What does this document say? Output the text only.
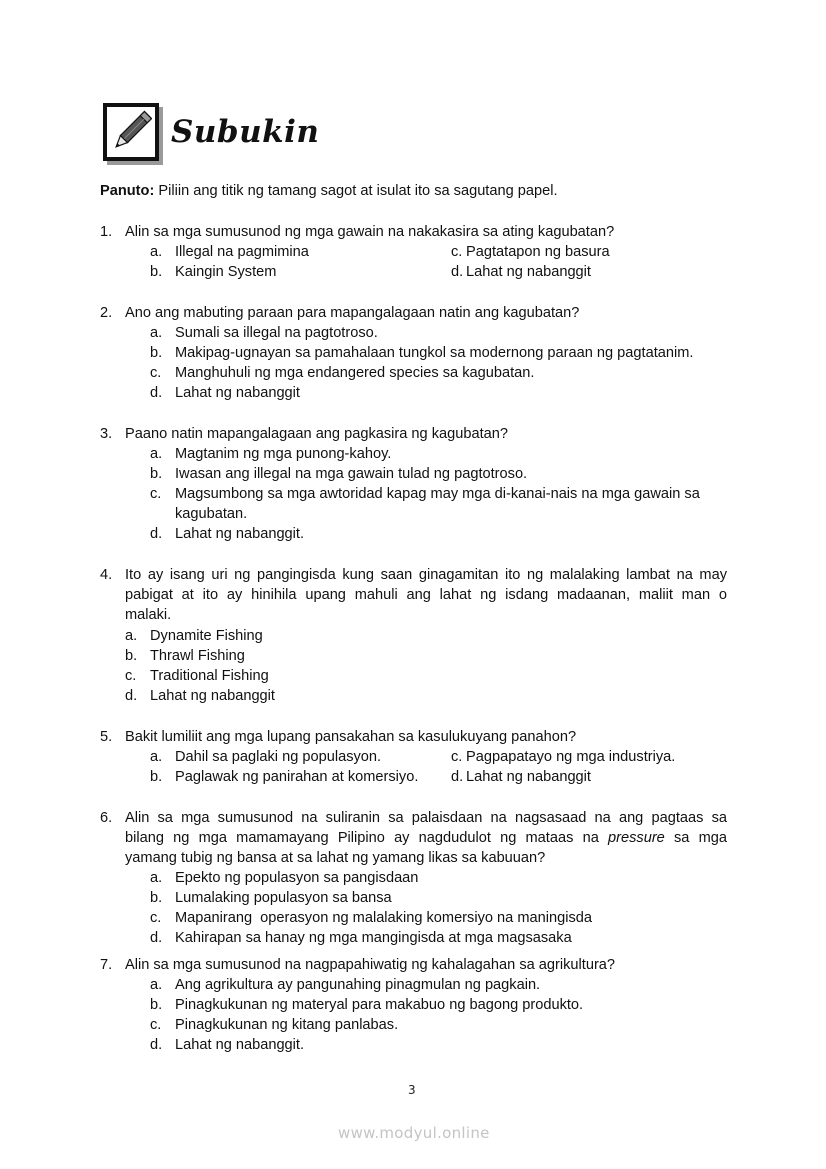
Subukin
Panuto: Piliin ang titik ng tamang sagot at isulat ito sa sagutang papel.
1. Alin sa mga sumusunod ng mga gawain na nakakasira sa ating kagubatan?
a. Illegal na pagmimina
b. Kaingin System
c. Pagtatapon ng basura
d. Lahat ng nabanggit
2. Ano ang mabuting paraan para mapangalagaan natin ang kagubatan?
a. Sumali sa illegal na pagtotroso.
b. Makipag-ugnayan sa pamahalaan tungkol sa modernong paraan ng pagtatanim.
c. Manghuhuli ng mga endangered species sa kagubatan.
d. Lahat ng nabanggit
3. Paano natin mapangalagaan ang pagkasira ng kagubatan?
a. Magtanim ng mga punong-kahoy.
b. Iwasan ang illegal na mga gawain tulad ng pagtotroso.
c. Magsumbong sa mga awtoridad kapag may mga di-kanai-nais na mga gawain sa
kagubatan.
d. Lahat ng nabanggit.
4. Ito ay isang uri ng pangingisda kung saan ginagamitan ito ng malalaking lambat na may
pabigat at ito ay hinihila upang mahuli ang lahat ng isdang madaanan, maliit man o
malaki.
a. Dynamite Fishing
b. Thrawl Fishing
c. Traditional Fishing
d. Lahat ng nabanggit
5. Bakit lumiliit ang mga lupang pansakahan sa kasulukuyang panahon?
a. Dahil sa paglaki ng populasyon.
b. Paglawak ng panirahan at komersiyo.
c. Pagpapatayo ng mga industriya.
d. Lahat ng nabanggit
6. Alin sa mga sumusunod na suliranin sa palaisdaan na nagsasaad na ang pagtaas sa
bilang ng mga mamamayang Pilipino ay nagdudulot ng mataas na pressure sa mga
yamang tubig ng bansa at sa lahat ng yamang likas sa kabuuan?
a. Epekto ng populasyon sa pangisdaan
b. Lumalaking populasyon sa bansa
c. Mapanirang  operasyon ng malalaking komersiyo na maningisda
d. Kahirapan sa hanay ng mga mangingisda at mga magsasaka
7. Alin sa mga sumusunod na nagpapahiwatig ng kahalagahan sa agrikultura?
a. Ang agrikultura ay pangunahing pinagmulan ng pagkain.
b. Pinagkukunan ng materyal para makabuo ng bagong produkto.
c. Pinagkukunan ng kitang panlabas.
d. Lahat ng nabanggit.
3
www.modyul.online
